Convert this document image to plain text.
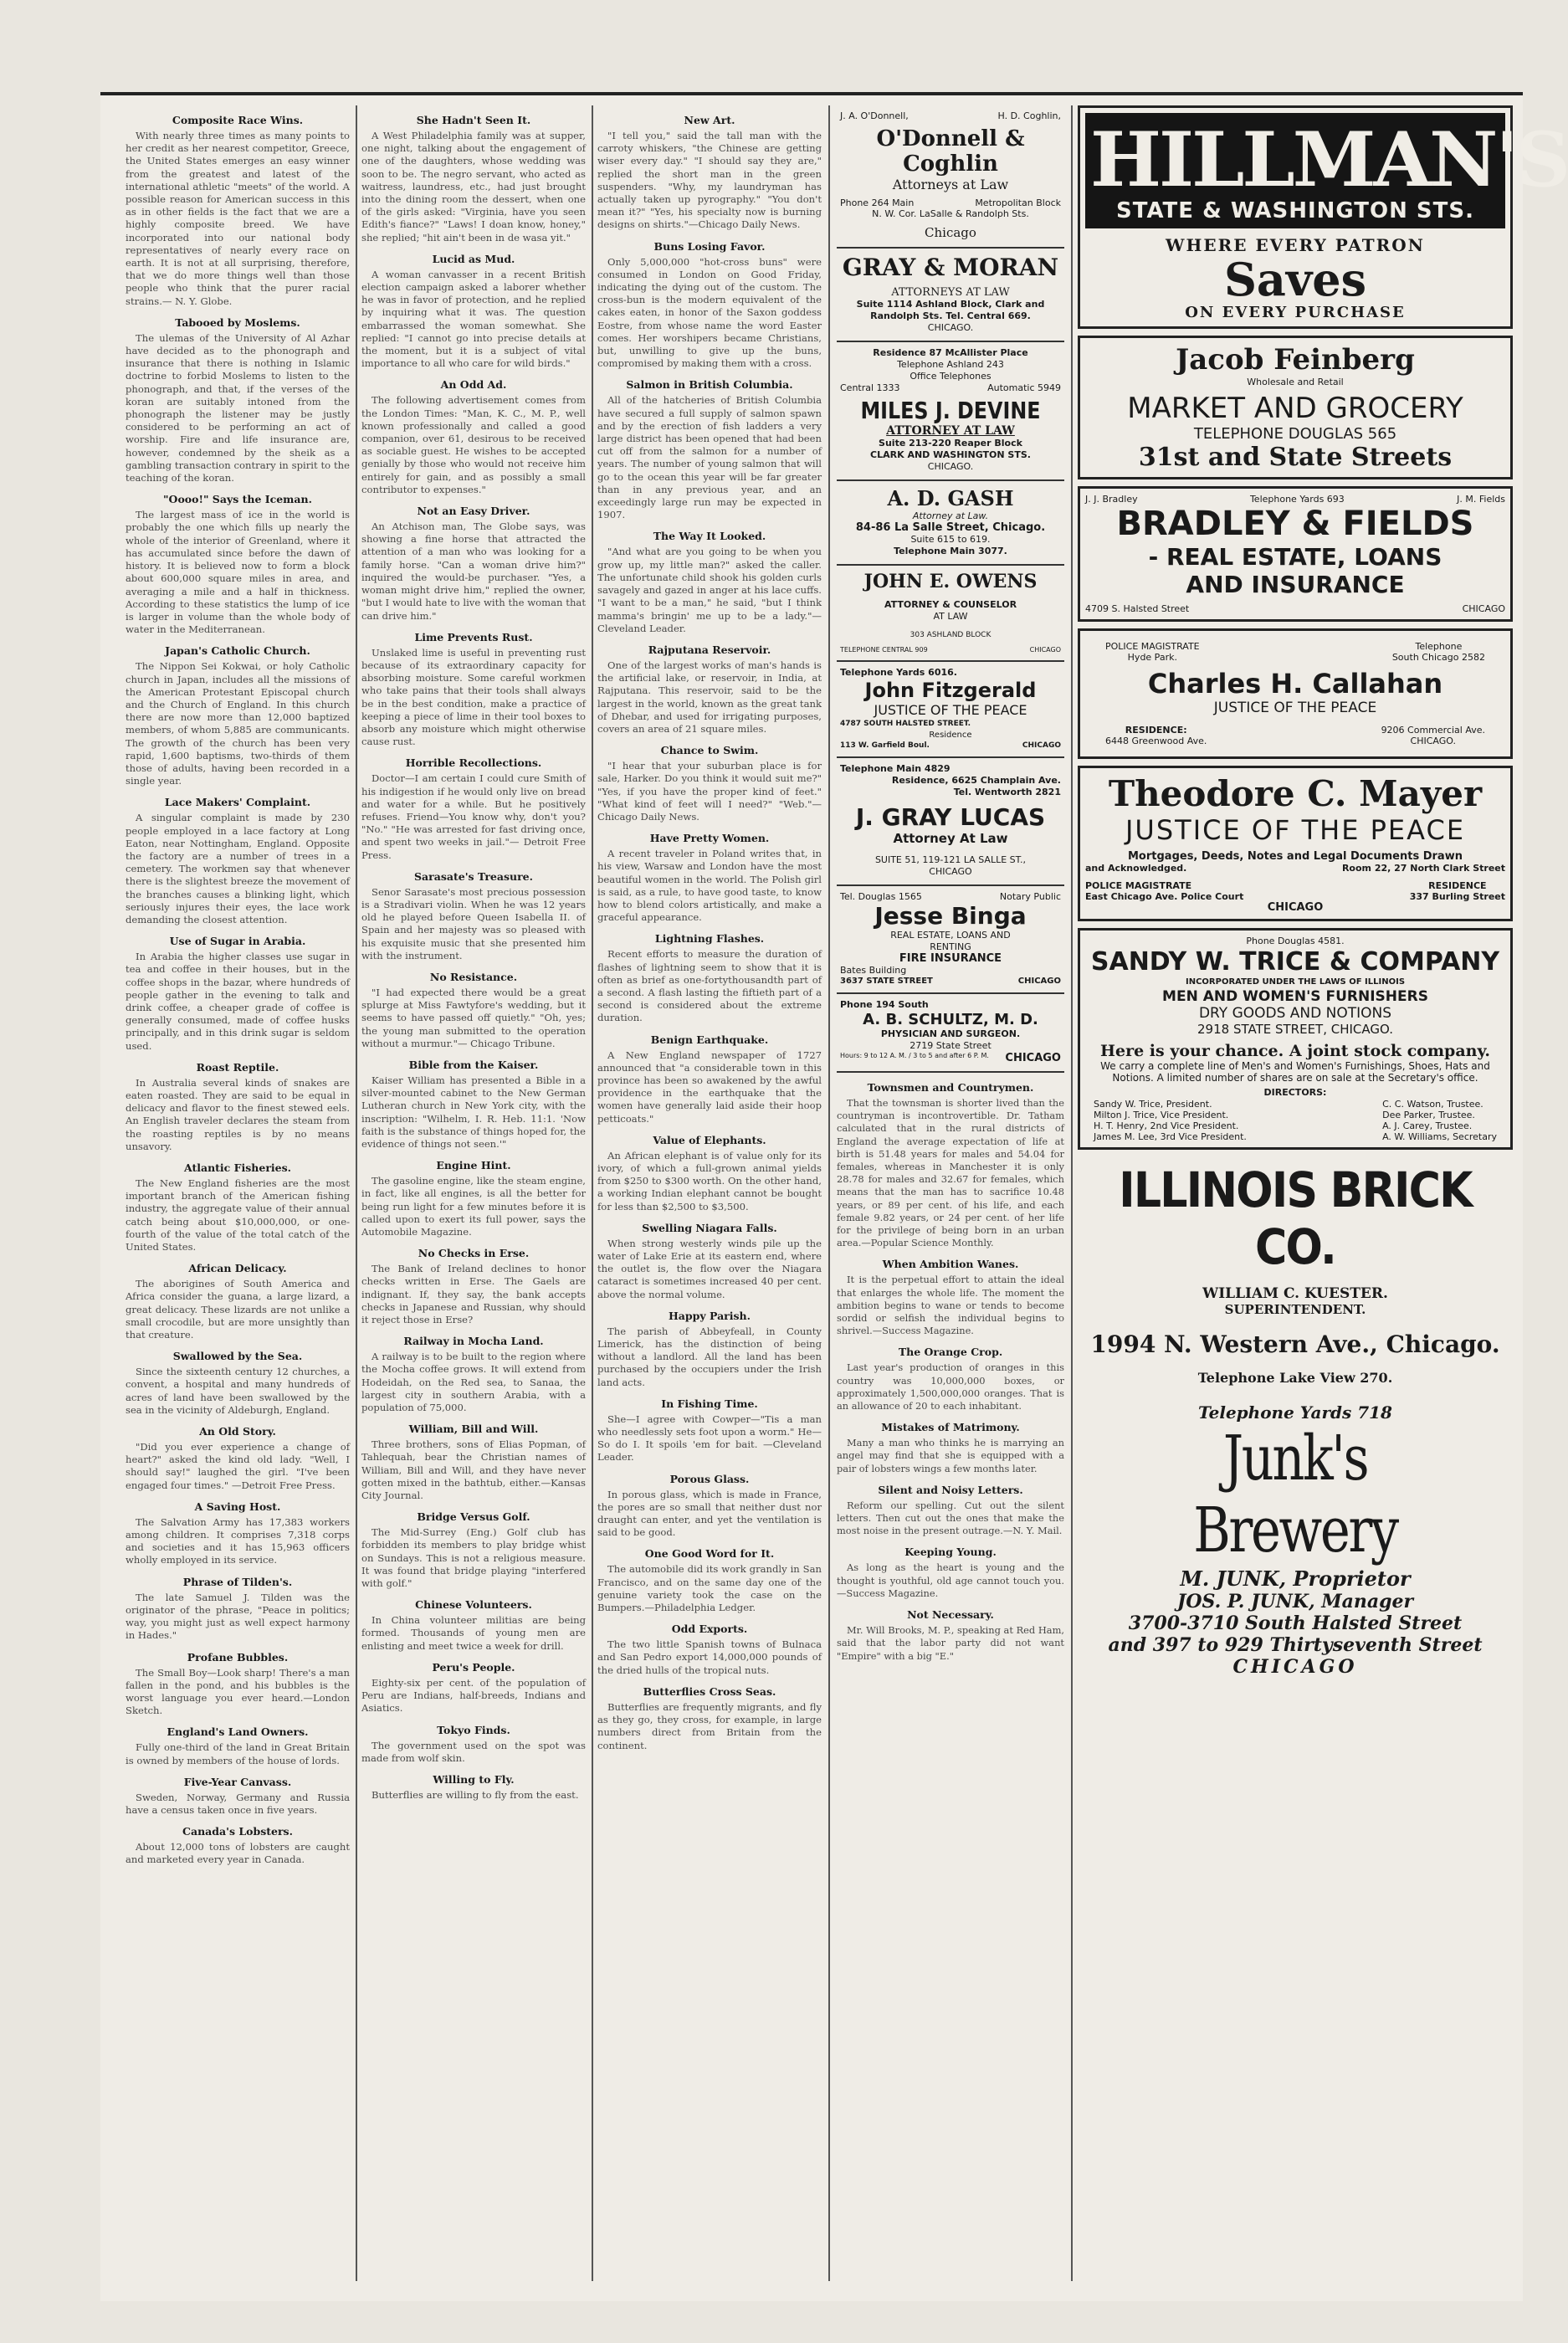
Composite Race Wins.

With nearly three times as many points to her credit as her nearest competitor, Greece, the United States emerges an easy winner from the greatest and latest of the international athletic "meets" of the world. A possible reason for American success in this as in other fields is the fact that we are a highly composite breed. We have incorporated into our national body representatives of nearly every race on earth. It is not at all surprising, therefore, that we do more things well than those people who think that the purer racial strains.— N. Y. Globe.

Tabooed by Moslems.

The ulemas of the University of Al Azhar have decided as to the phonograph and insurance that there is nothing in Islamic doctrine to forbid Moslems to listen to the phonograph, and that, if the verses of the koran are suitably intoned from the phonograph the listener may be justly considered to be performing an act of worship. Fire and life insurance are, however, condemned by the sheik as a gambling transaction contrary in spirit to the teaching of the koran.

"Oooo!" Says the Iceman.

The largest mass of ice in the world is probably the one which fills up nearly the whole of the interior of Greenland, where it has accumulated since before the dawn of history. It is believed now to form a block about 600,000 square miles in area, and averaging a mile and a half in thickness. According to these statistics the lump of ice is larger in volume than the whole body of water in the Mediterranean.

Japan's Catholic Church.

The Nippon Sei Kokwai, or holy Catholic church in Japan, includes all the missions of the American Protestant Episcopal church and the Church of England. In this church there are now more than 12,000 baptized members, of whom 5,885 are communicants. The growth of the church has been very rapid, 1,600 baptisms, two-thirds of them those of adults, having been recorded in a single year.

Lace Makers' Complaint.

A singular complaint is made by 230 people employed in a lace factory at Long Eaton, near Nottingham, England. Opposite the factory are a number of trees in a cemetery. The workmen say that whenever there is the slightest breeze the movement of the branches causes a blinking light, which seriously injures their eyes, the lace work demanding the closest attention.

Use of Sugar in Arabia.

In Arabia the higher classes use sugar in tea and coffee in their houses, but in the coffee shops in the bazar, where hundreds of people gather in the evening to talk and drink coffee, a cheaper grade of coffee is generally consumed, made of coffee husks principally, and in this drink sugar is seldom used.

Roast Reptile.

In Australia several kinds of snakes are eaten roasted. They are said to be equal in delicacy and flavor to the finest stewed eels. An English traveler declares the steam from the roasting reptiles is by no means unsavory.

Atlantic Fisheries.

The New England fisheries are the most important branch of the American fishing industry, the aggregate value of their annual catch being about $10,000,000, or one-fourth of the value of the total catch of the United States.

African Delicacy.

The aborigines of South America and Africa consider the guana, a large lizard, a great delicacy. These lizards are not unlike a small crocodile, but are more unsightly than that creature.

Swallowed by the Sea.

Since the sixteenth century 12 churches, a convent, a hospital and many hundreds of acres of land have been swallowed by the sea in the vicinity of Aldeburgh, England.

An Old Story.

"Did you ever experience a change of heart?" asked the kind old lady. "Well, I should say!" laughed the girl. "I've been engaged four times." —Detroit Free Press.

A Saving Host.

The Salvation Army has 17,383 workers among children. It comprises 7,318 corps and societies and it has 15,963 officers wholly employed in its service.

Phrase of Tilden's.

The late Samuel J. Tilden was the originator of the phrase, "Peace in politics; way, you might just as well expect harmony in Hades."

Profane Bubbles.

The Small Boy—Look sharp! There's a man fallen in the pond, and his bubbles is the worst language you ever heard.—London Sketch.

England's Land Owners.

Fully one-third of the land in Great Britain is owned by members of the house of lords.

Five-Year Canvass.

Sweden, Norway, Germany and Russia have a census taken once in five years.

Canada's Lobsters.

About 12,000 tons of lobsters are caught and marketed every year in Canada.

She Hadn't Seen It.

A West Philadelphia family was at supper, one night, talking about the engagement of one of the daughters, whose wedding was soon to be. The negro servant, who acted as waitress, laundress, etc., had just brought into the dining room the dessert, when one of the girls asked: "Virginia, have you seen Edith's fiance?" "Laws! I doan know, honey," she replied; "hit ain't been in de wasa yit."

Lucid as Mud.

A woman canvasser in a recent British election campaign asked a laborer whether he was in favor of protection, and he replied by inquiring what it was. The question embarrassed the woman somewhat. She replied: "I cannot go into precise details at the moment, but it is a subject of vital importance to all who care for wild birds."

An Odd Ad.

The following advertisement comes from the London Times: "Man, K. C., M. P., well known professionally and called a good companion, over 61, desirous to be received as sociable guest. He wishes to be accepted genially by those who would not receive him entirely for gain, and as possibly a small contributor to expenses."

Not an Easy Driver.

An Atchison man, The Globe says, was showing a fine horse that attracted the attention of a man who was looking for a family horse. "Can a woman drive him?" inquired the would-be purchaser. "Yes, a woman might drive him," replied the owner, "but I would hate to live with the woman that can drive him."

Lime Prevents Rust.

Unslaked lime is useful in preventing rust because of its extraordinary capacity for absorbing moisture. Some careful workmen who take pains that their tools shall always be in the best condition, make a practice of keeping a piece of lime in their tool boxes to absorb any moisture which might otherwise cause rust.

Horrible Recollections.

Doctor—I am certain I could cure Smith of his indigestion if he would only live on bread and water for a while. But he positively refuses. Friend—You know why, don't you? "No." "He was arrested for fast driving once, and spent two weeks in jail."— Detroit Free Press.

Sarasate's Treasure.

Senor Sarasate's most precious possession is a Stradivari violin. When he was 12 years old he played before Queen Isabella II. of Spain and her majesty was so pleased with his exquisite music that she presented him with the instrument.

No Resistance.

"I had expected there would be a great splurge at Miss Fawtyfore's wedding, but it seems to have passed off quietly." "Oh, yes; the young man submitted to the operation without a murmur."— Chicago Tribune.

Bible from the Kaiser.

Kaiser William has presented a Bible in a silver-mounted cabinet to the New German Lutheran church in New York city, with the inscription: "Wilhelm, I. R. Heb. 11:1. 'Now faith is the substance of things hoped for, the evidence of things not seen.'"

Engine Hint.

The gasoline engine, like the steam engine, in fact, like all engines, is all the better for being run light for a few minutes before it is called upon to exert its full power, says the Automobile Magazine.

No Checks in Erse.

The Bank of Ireland declines to honor checks written in Erse. The Gaels are indignant. If, they say, the bank accepts checks in Japanese and Russian, why should it reject those in Erse?

Railway in Mocha Land.

A railway is to be built to the region where the Mocha coffee grows. It will extend from Hodeidah, on the Red sea, to Sanaa, the largest city in southern Arabia, with a population of 75,000.

William, Bill and Will.

Three brothers, sons of Elias Popman, of Tahlequah, bear the Christian names of William, Bill and Will, and they have never gotten mixed in the bathtub, either.—Kansas City Journal.

Bridge Versus Golf.

The Mid-Surrey (Eng.) Golf club has forbidden its members to play bridge whist on Sundays. This is not a religious measure. It was found that bridge playing "interfered with golf."

Chinese Volunteers.

In China volunteer militias are being formed. Thousands of young men are enlisting and meet twice a week for drill.

Peru's People.

Eighty-six per cent. of the population of Peru are Indians, half-breeds, Indians and Asiatics.

Tokyo Finds.

The government used on the spot was made from wolf skin.

Willing to Fly.

Butterflies are willing to fly from the east.

New Art.

"I tell you," said the tall man with the carroty whiskers, "the Chinese are getting wiser every day." "I should say they are," replied the short man in the green suspenders. "Why, my laundryman has actually taken up pyrography." "You don't mean it?" "Yes, his specialty now is burning designs on shirts."—Chicago Daily News.

Buns Losing Favor.

Only 5,000,000 "hot-cross buns" were consumed in London on Good Friday, indicating the dying out of the custom. The cross-bun is the modern equivalent of the cakes eaten, in honor of the Saxon goddess Eostre, from whose name the word Easter comes. Her worshipers became Christians, but, unwilling to give up the buns, compromised by making them with a cross.

Salmon in British Columbia.

All of the hatcheries of British Columbia have secured a full supply of salmon spawn and by the erection of fish ladders a very large district has been opened that had been cut off from the salmon for a number of years. The number of young salmon that will go to the ocean this year will be far greater than in any previous year, and an exceedingly large run may be expected in 1907.

The Way It Looked.

"And what are you going to be when you grow up, my little man?" asked the caller. The unfortunate child shook his golden curls savagely and gazed in anger at his lace cuffs. "I want to be a man," he said, "but I think mamma's bringin' me up to be a lady."—Cleveland Leader.

Rajputana Reservoir.

One of the largest works of man's hands is the artificial lake, or reservoir, in India, at Rajputana. This reservoir, said to be the largest in the world, known as the great tank of Dhebar, and used for irrigating purposes, covers an area of 21 square miles.

Chance to Swim.

"I hear that your suburban place is for sale, Harker. Do you think it would suit me?" "Yes, if you have the proper kind of feet." "What kind of feet will I need?" "Web."—Chicago Daily News.

Have Pretty Women.

A recent traveler in Poland writes that, in his view, Warsaw and London have the most beautiful women in the world. The Polish girl is said, as a rule, to have good taste, to know how to blend colors artistically, and make a graceful appearance.

Lightning Flashes.

Recent efforts to measure the duration of flashes of lightning seem to show that it is often as brief as one-fortythousandth part of a second. A flash lasting the fiftieth part of a second is considered about the extreme duration.

Benign Earthquake.

A New England newspaper of 1727 announced that "a considerable town in this province has been so awakened by the awful providence in the earthquake that the women have generally laid aside their hoop petticoats."

Value of Elephants.

An African elephant is of value only for its ivory, of which a full-grown animal yields from $250 to $300 worth. On the other hand, a working Indian elephant cannot be bought for less than $2,500 to $3,500.

Swelling Niagara Falls.

When strong westerly winds pile up the water of Lake Erie at its eastern end, where the outlet is, the flow over the Niagara cataract is sometimes increased 40 per cent. above the normal volume.

Happy Parish.

The parish of Abbeyfeall, in County Limerick, has the distinction of being without a landlord. All the land has been purchased by the occupiers under the Irish land acts.

In Fishing Time.

She—I agree with Cowper—"Tis a man who needlessly sets foot upon a worm." He—So do I. It spoils 'em for bait. —Cleveland Leader.

Porous Glass.

In porous glass, which is made in France, the pores are so small that neither dust nor draught can enter, and yet the ventilation is said to be good.

One Good Word for It.

The automobile did its work grandly in San Francisco, and on the same day one of the genuine variety took the case on the Bumpers.—Philadelphia Ledger.

Odd Exports.

The two little Spanish towns of Bulnaca and San Pedro export 14,000,000 pounds of the dried hulls of the tropical nuts.

Butterflies Cross Seas.

Butterflies are frequently migrants, and fly as they go, they cross, for example, in large numbers direct from Britain from the continent.

J. A. O'Donnell,	H. D. Coghlin,
O'Donnell & Coghlin
Attorneys at Law
Phone 264 Main	Metropolitan Block
N. W. Cor. LaSalle & Randolph Sts.
Chicago
GRAY & MORAN
ATTORNEYS AT LAW
Suite 1114 Ashland Block, Clark and
Randolph Sts. Tel. Central 669.
CHICAGO.
Residence 87 McAllister Place
Telephone Ashland 243
Office Telephones
Central 1333	Automatic 5949
MILES J. DEVINE
ATTORNEY AT LAW
Suite 213-220 Reaper Block
CLARK AND WASHINGTON STS.
CHICAGO.
A. D. GASH
Attorney at Law.
84-86 La Salle Street, Chicago.
Suite 615 to 619.
Telephone Main 3077.
JOHN E. OWENS
ATTORNEY & COUNSELOR
AT LAW
303 ASHLAND BLOCK
TELEPHONE CENTRAL 909	CHICAGO
Telephone Yards 6016.
John Fitzgerald
JUSTICE OF THE PEACE
4787 SOUTH HALSTED STREET.
Residence
113 W. Garfield Boul.	CHICAGO
Telephone Main 4829
Residence, 6625 Champlain Ave.
Tel. Wentworth 2821
J. GRAY LUCAS
Attorney At Law
SUITE 51, 119-121 LA SALLE ST.,
CHICAGO
Tel. Douglas 1565	Notary Public
Jesse Binga
REAL ESTATE, LOANS AND
RENTING
FIRE INSURANCE
Bates Building
3637 STATE STREET	CHICAGO
Phone 194 South
A. B. SCHULTZ, M. D.
PHYSICIAN AND SURGEON.
2719 State Street
Hours: 9 to 12 A. M. / 3 to 5 and after 6 P. M. CHICAGO
Townsmen and Countrymen.

That the townsman is shorter lived than the countryman is incontrovertible. Dr. Tatham calculated that in the rural districts of England the average expectation of life at birth is 51.48 years for males and 54.04 for females, whereas in Manchester it is only 28.78 for males and 32.67 for females, which means that the man has to sacrifice 10.48 years, or 89 per cent. of his life, and each female 9.82 years, or 24 per cent. of her life for the privilege of being born in an urban area.—Popular Science Monthly.

When Ambition Wanes.

It is the perpetual effort to attain the ideal that enlarges the whole life. The moment the ambition begins to wane or tends to become sordid or selfish the individual begins to shrivel.—Success Magazine.

The Orange Crop.

Last year's production of oranges in this country was 10,000,000 boxes, or approximately 1,500,000,000 oranges. That is an allowance of 20 to each inhabitant.

Mistakes of Matrimony.

Many a man who thinks he is marrying an angel may find that she is equipped with a pair of lobsters wings a few months later.

Silent and Noisy Letters.

Reform our spelling. Cut out the silent letters. Then cut out the ones that make the most noise in the present outrage.—N. Y. Mail.

Keeping Young.

As long as the heart is young and the thought is youthful, old age cannot touch you.—Success Magazine.

Not Necessary.

Mr. Will Brooks, M. P., speaking at Red Ham, said that the labor party did not want "Empire" with a big "E."

HILLMAN'S
STATE & WASHINGTON STS.
WHERE EVERY PATRON
Saves
ON EVERY PURCHASE
Jacob Feinberg
Wholesale and Retail
MARKET AND GROCERY
TELEPHONE DOUGLAS 565
31st and State Streets
J. J. Bradley	Telephone Yards 693	J. M. Fields
BRADLEY & FIELDS
- REAL ESTATE, LOANS
AND INSURANCE
4709 S. Halsted Street	CHICAGO
POLICE MAGISTRATE
Hyde Park.
Telephone
South Chicago 2582
Charles H. Callahan
JUSTICE OF THE PEACE
RESIDENCE:
6448 Greenwood Ave.
9206 Commercial Ave.
CHICAGO.
Theodore C. Mayer
JUSTICE OF THE PEACE
Mortgages, Deeds, Notes and Legal Documents Drawn
and Acknowledged.	Room 22, 27 North Clark Street
POLICE MAGISTRATE
East Chicago Ave. Police Court
RESIDENCE
337 Burling Street
CHICAGO
Phone Douglas 4581.
SANDY W. TRICE & COMPANY
INCORPORATED UNDER THE LAWS OF ILLINOIS
MEN AND WOMEN'S FURNISHERS
DRY GOODS AND NOTIONS
2918 STATE STREET, CHICAGO.
Here is your chance. A joint stock company.
We carry a complete line of Men's and Women's Furnishings, Shoes, Hats and Notions. A limited number of shares are on sale at the Secretary's office.
DIRECTORS:
Sandy W. Trice, President.
Milton J. Trice, Vice President.
H. T. Henry, 2nd Vice President.
James M. Lee, 3rd Vice President.
C. C. Watson, Trustee.
Dee Parker, Trustee.
A. J. Carey, Trustee.
A. W. Williams, Secretary
ILLINOIS BRICK CO.
WILLIAM C. KUESTER.
SUPERINTENDENT.
1994 N. Western Ave., Chicago.
Telephone Lake View 270.
Telephone Yards 718
Junk's Brewery
M. JUNK, Proprietor
JOS. P. JUNK, Manager
3700-3710 South Halsted Street
and 397 to 929 Thirtyseventh Street
CHICAGO
